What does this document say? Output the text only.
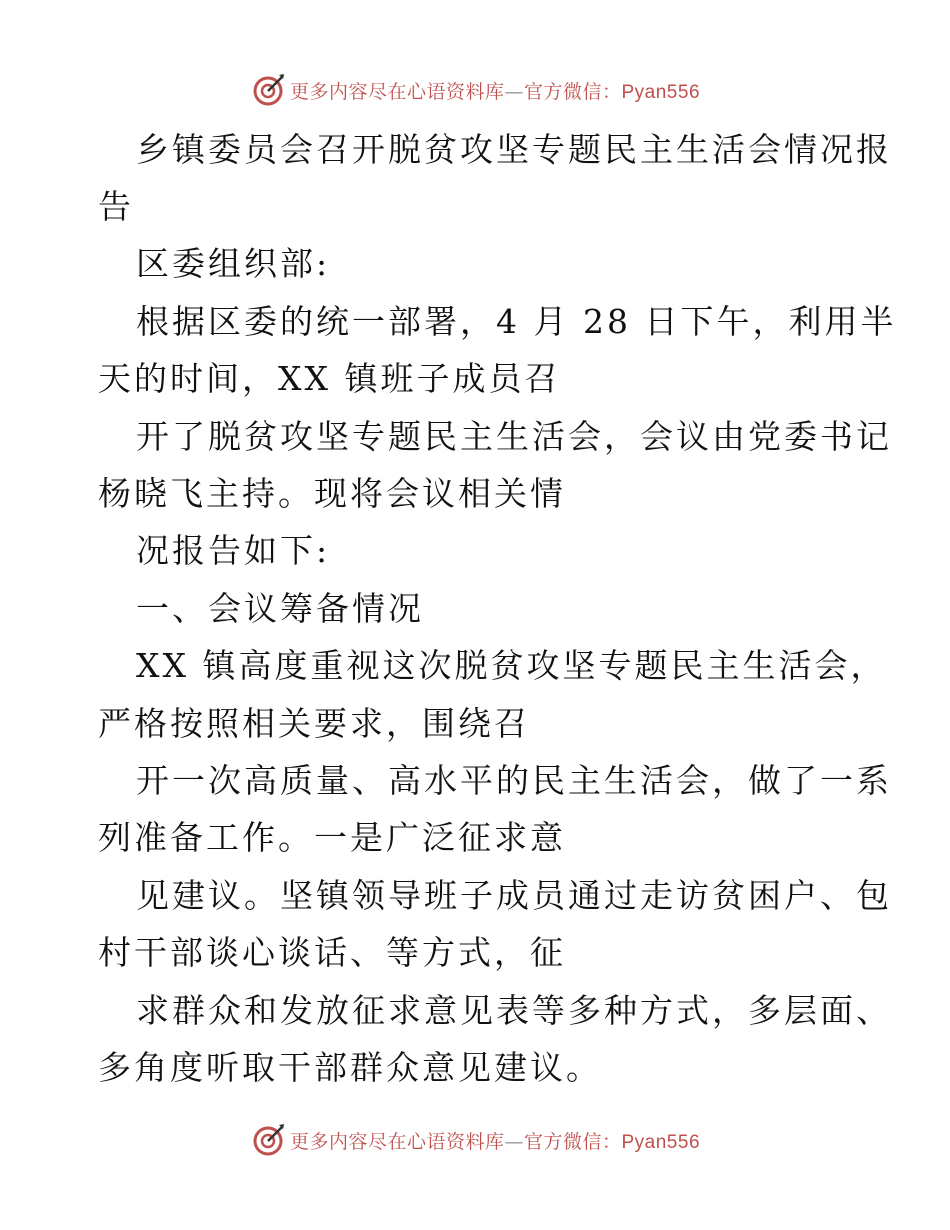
更多内容尽在心语资料库—官方微信：Pyan556
乡镇委员会召开脱贫攻坚专题民主生活会情况报
告
区委组织部:
根据区委的统一部署，4 月 28 日下午，利用半
天的时间，XX 镇班子成员召
开了脱贫攻坚专题民主生活会，会议由党委书记
杨晓飞主持。现将会议相关情
况报告如下:
一、会议筹备情况
XX 镇高度重视这次脱贫攻坚专题民主生活会，
严格按照相关要求，围绕召
开一次高质量、高水平的民主生活会，做了一系
列准备工作。一是广泛征求意
见建议。坚镇领导班子成员通过走访贫困户、包
村干部谈心谈话、等方式，征
求群众和发放征求意见表等多种方式，多层面、
多角度听取干部群众意见建议。
更多内容尽在心语资料库—官方微信：Pyan556
